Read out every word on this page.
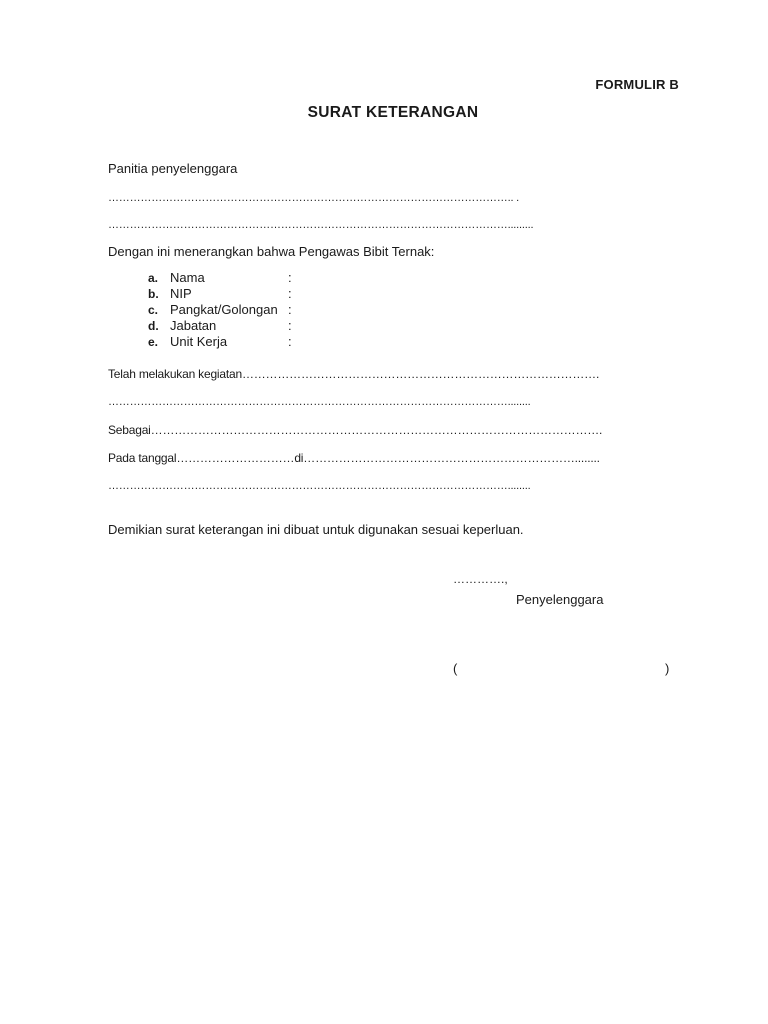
FORMULIR B
SURAT KETERANGAN
Panitia penyelenggara
………………………………………………………………………………………………….. .
………………………………………………………………………………………………….........
Dengan ini menerangkan bahwa Pengawas Bibit Ternak:
a. Nama	:
b. NIP	:
c. Pangkat/Golongan :
d. Jabatan	:
e. Unit Kerja	:
Telah melakukan kegiatan……………………………………………………………………………….
…………………………………………………………………………………………………........
Sebagai…………………………………………………………………………………………………….
Pada tanggal…………………………di……………………………………………………………........
…………………………………………………………………………………………………........
Demikian surat keterangan ini dibuat untuk digunakan sesuai keperluan.
………….,
Penyelenggara
(	)
